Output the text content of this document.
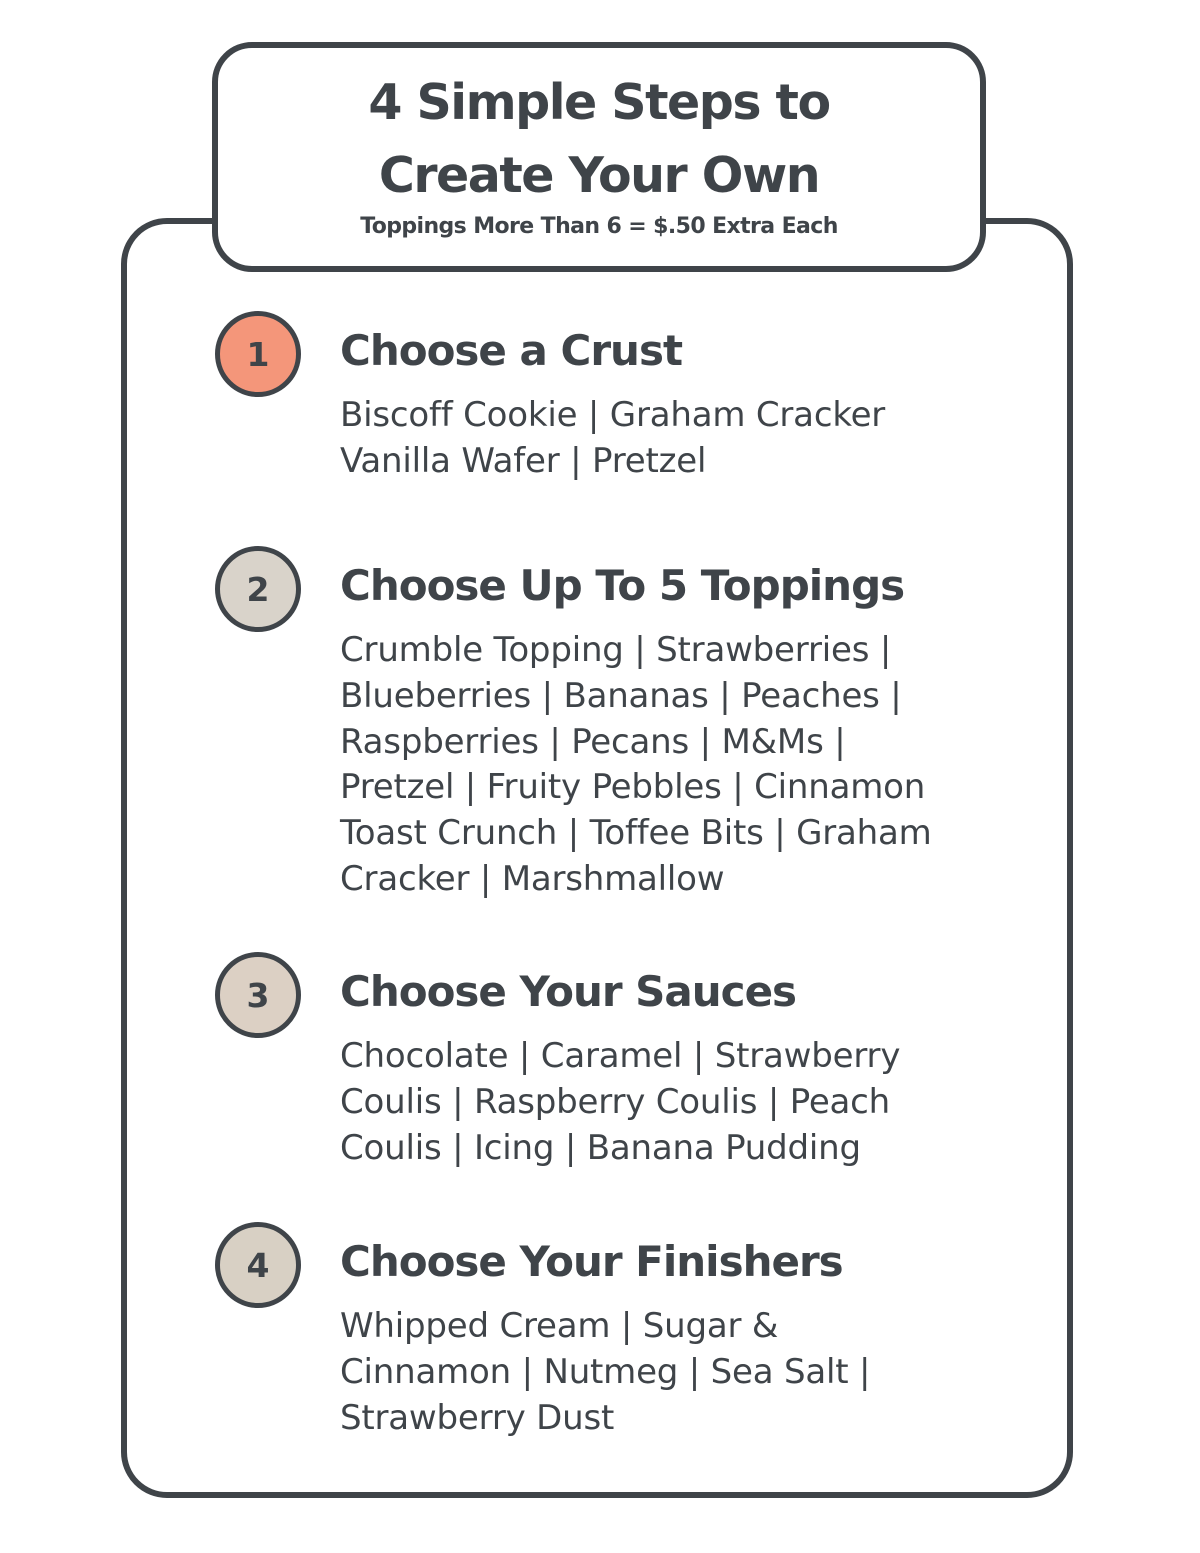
4 Simple Steps to
Create Your Own

Toppings More Than 6 = $.50 Extra Each

1	Choose a Crust

Biscoff Cookie | Graham Cracker
Vanilla Wafer | Pretzel

2	Choose Up To 5 Toppings

Crumble Topping | Strawberries |
Blueberries | Bananas | Peaches |
Raspberries | Pecans | M&Ms |
Pretzel | Fruity Pebbles | Cinnamon
Toast Crunch | Toffee Bits | Graham
Cracker | Marshmallow

3	Choose Your Sauces

Chocolate | Caramel | Strawberry
Coulis | Raspberry Coulis | Peach
Coulis | Icing | Banana Pudding

4	Choose Your Finishers

Whipped Cream | Sugar &
Cinnamon | Nutmeg | Sea Salt |
Strawberry Dust
